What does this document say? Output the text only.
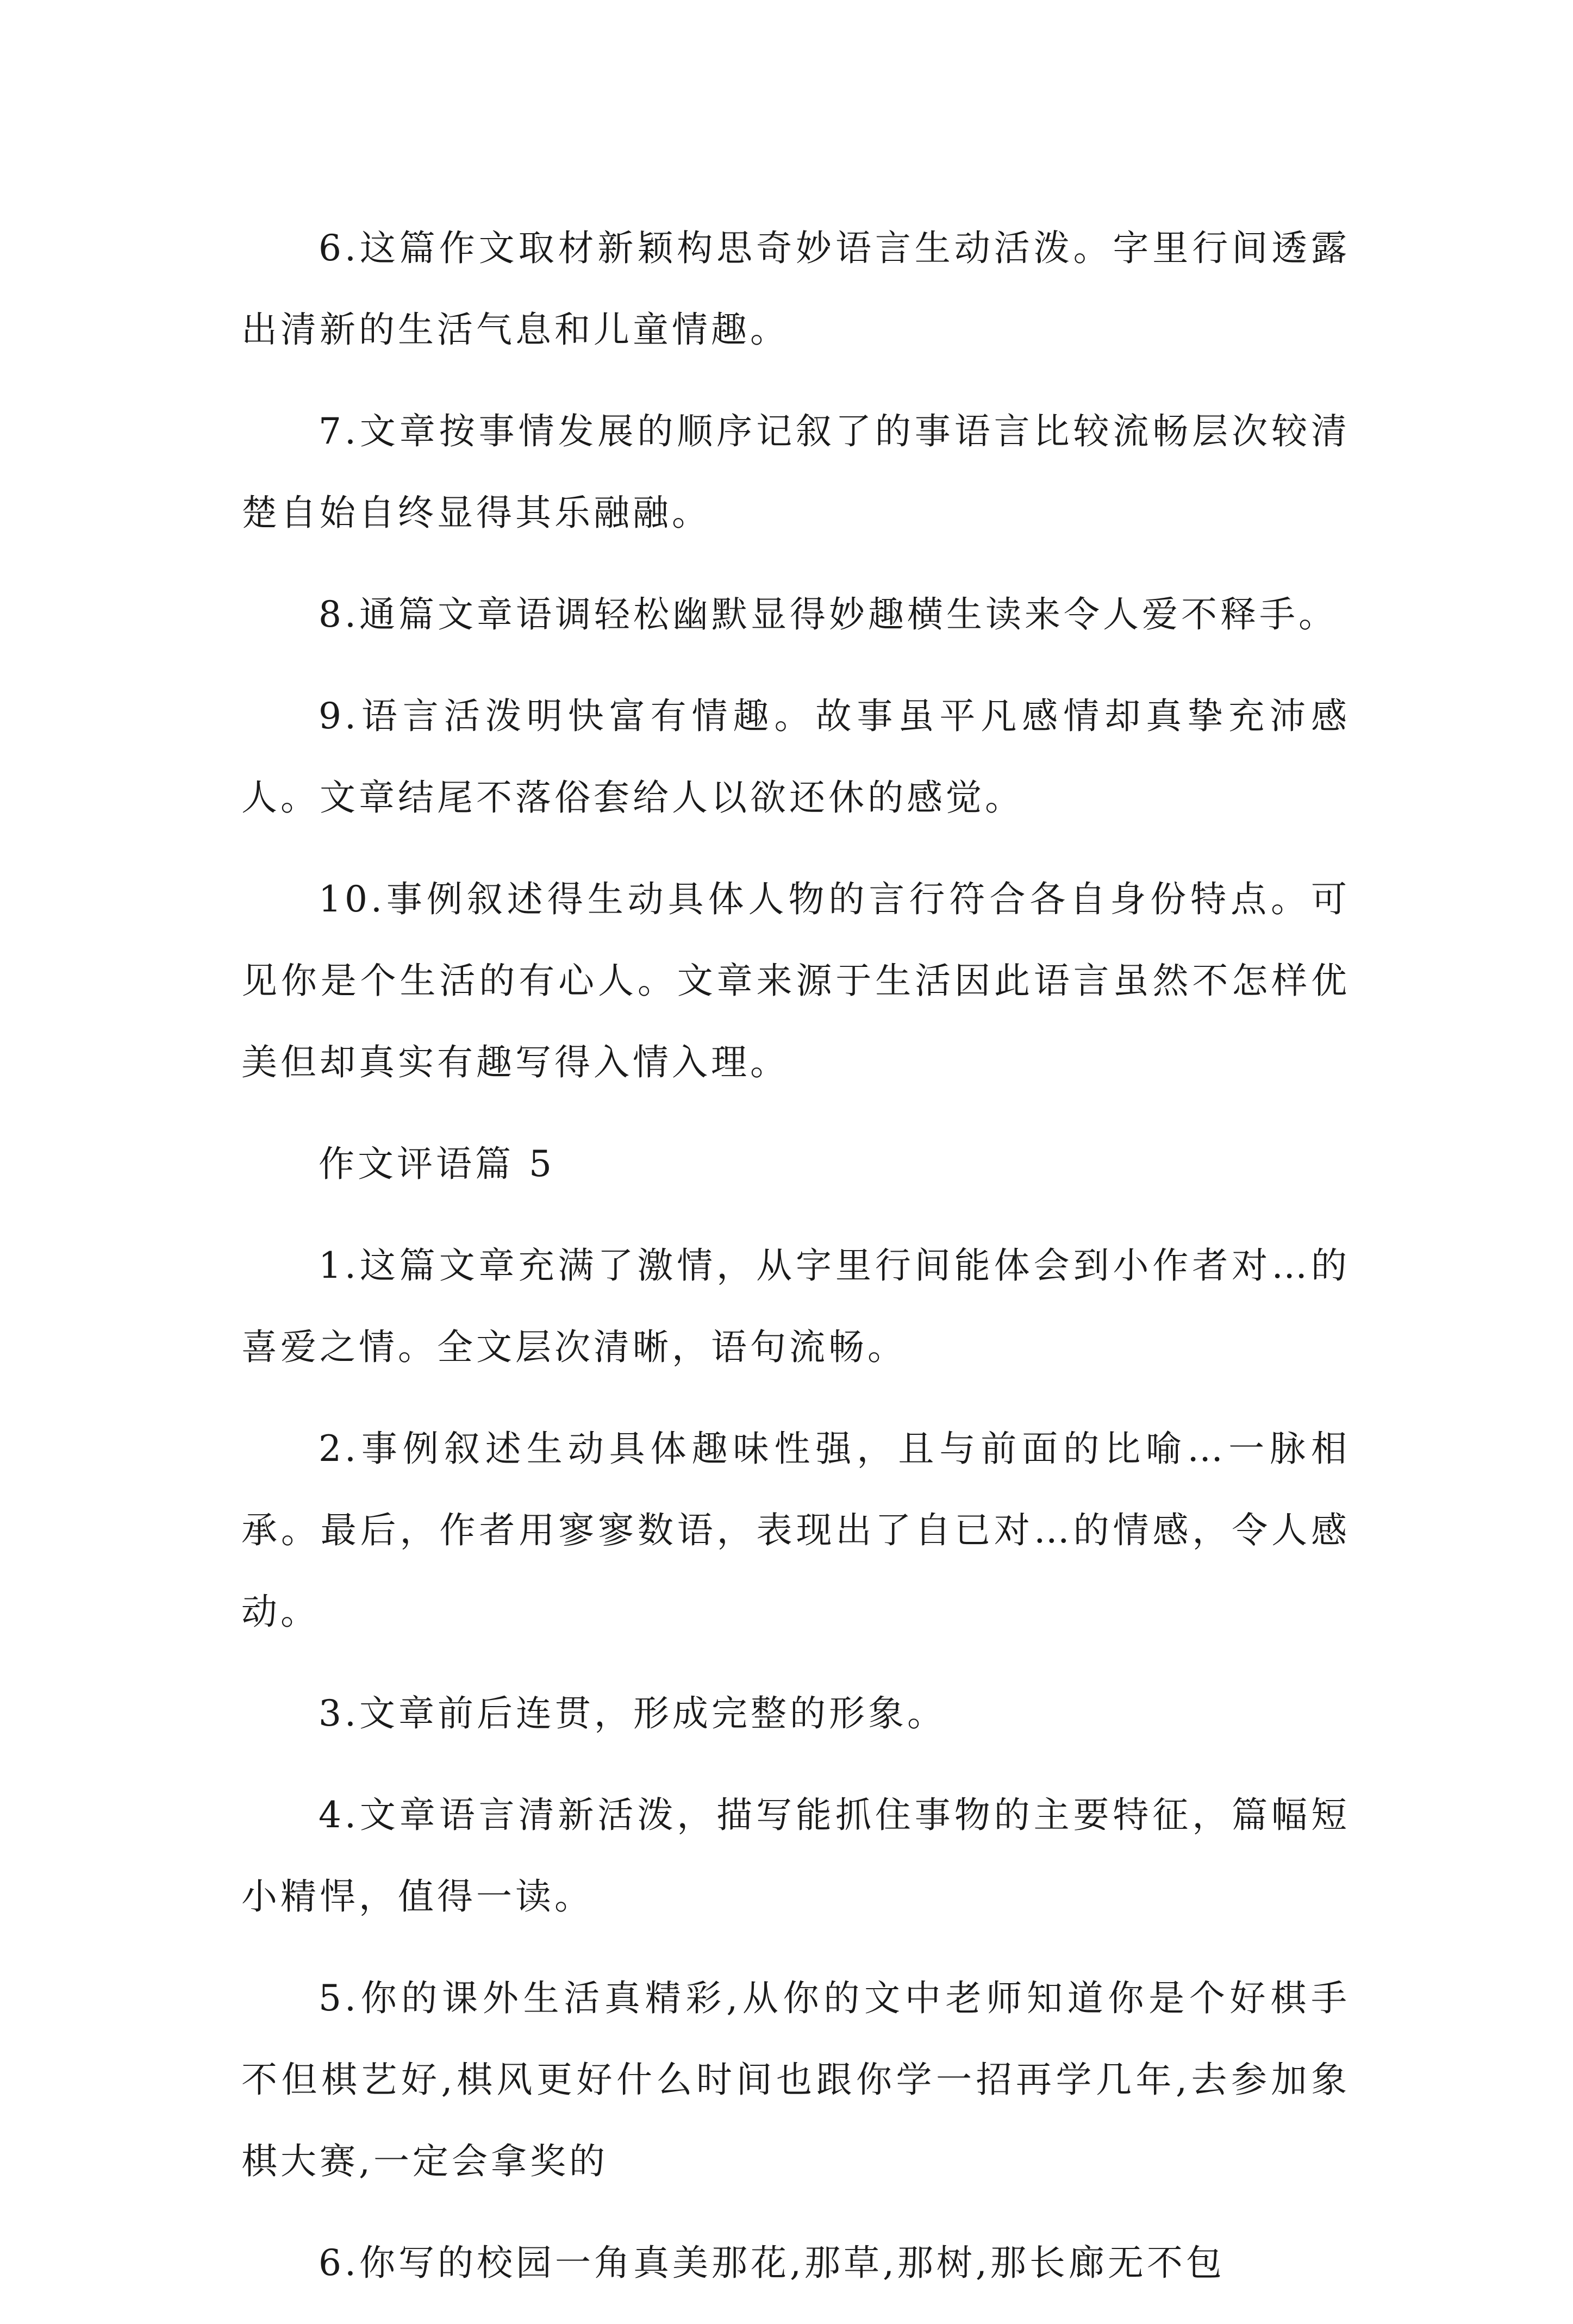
6.这篇作文取材新颖构思奇妙语言生动活泼。字里行间透露出清新的生活气息和儿童情趣。

7.文章按事情发展的顺序记叙了的事语言比较流畅层次较清楚自始自终显得其乐融融。

8.通篇文章语调轻松幽默显得妙趣横生读来令人爱不释手。

9.语言活泼明快富有情趣。故事虽平凡感情却真挚充沛感人。文章结尾不落俗套给人以欲还休的感觉。

10.事例叙述得生动具体人物的言行符合各自身份特点。可见你是个生活的有心人。文章来源于生活因此语言虽然不怎样优美但却真实有趣写得入情入理。

作文评语篇 5

1.这篇文章充满了激情，从字里行间能体会到小作者对…的喜爱之情。全文层次清晰，语句流畅。

2.事例叙述生动具体趣味性强，且与前面的比喻…一脉相承。最后，作者用寥寥数语，表现出了自已对…的情感，令人感动。

3.文章前后连贯，形成完整的形象。

4.文章语言清新活泼，描写能抓住事物的主要特征，篇幅短小精悍，值得一读。

5.你的课外生活真精彩,从你的文中老师知道你是个好棋手不但棋艺好,棋风更好什么时间也跟你学一招再学几年,去参加象棋大赛,一定会拿奖的

6.你写的校园一角真美那花,那草,那树,那长廊无不包
